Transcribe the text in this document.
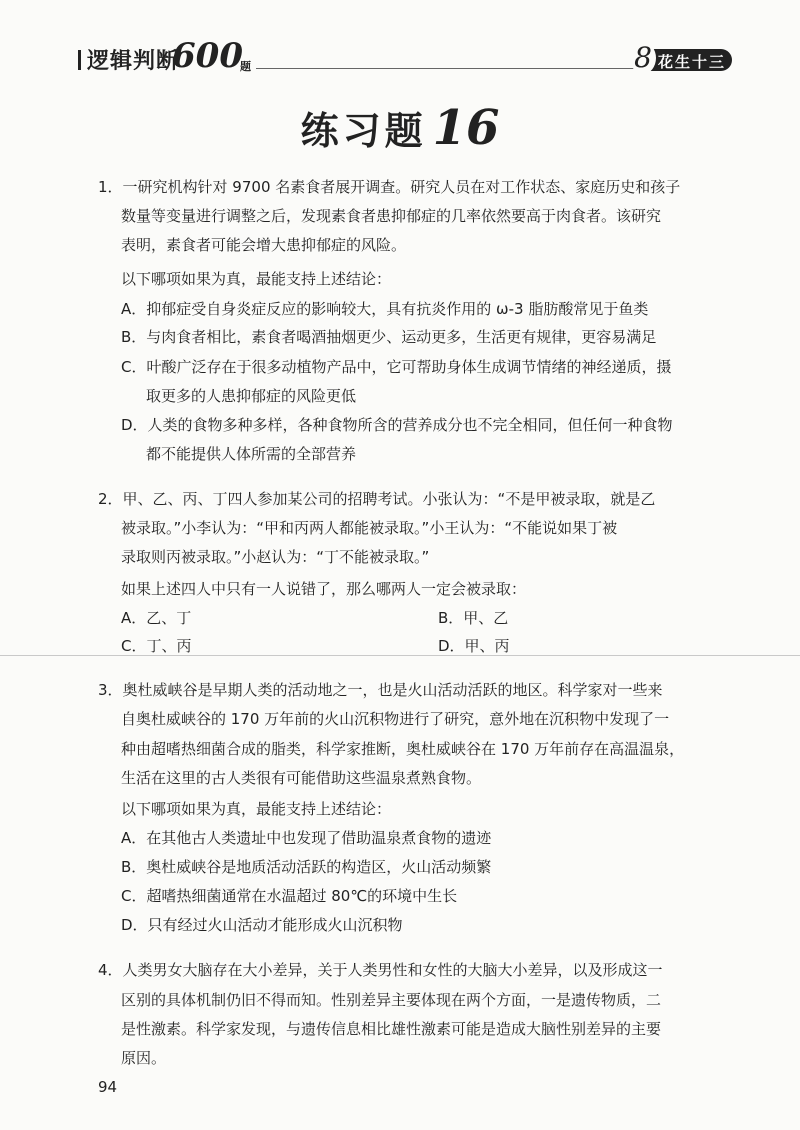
逻辑判断
600
题	8 花生十三
练习题 16
1．一研究机构针对 9700 名素食者展开调查。研究人员在对工作状态、家庭历史和孩子
数量等变量进行调整之后，发现素食者患抑郁症的几率依然要高于肉食者。该研究
表明，素食者可能会增大患抑郁症的风险。
以下哪项如果为真，最能支持上述结论：
A．抑郁症受自身炎症反应的影响较大，具有抗炎作用的 ω-3 脂肪酸常见于鱼类
B．与肉食者相比，素食者喝酒抽烟更少、运动更多，生活更有规律，更容易满足
C．叶酸广泛存在于很多动植物产品中，它可帮助身体生成调节情绪的神经递质，摄
取更多的人患抑郁症的风险更低
D．人类的食物多种多样，各种食物所含的营养成分也不完全相同，但任何一种食物
都不能提供人体所需的全部营养
2．甲、乙、丙、丁四人参加某公司的招聘考试。小张认为：“不是甲被录取，就是乙
被录取。”小李认为：“甲和丙两人都能被录取。”小王认为：“不能说如果丁被
录取则丙被录取。”小赵认为：“丁不能被录取。”
如果上述四人中只有一人说错了，那么哪两人一定会被录取：
A．乙、丁	B．甲、乙
C．丁、丙	D．甲、丙
3．奥杜威峡谷是早期人类的活动地之一，也是火山活动活跃的地区。科学家对一些来
自奥杜威峡谷的 170 万年前的火山沉积物进行了研究，意外地在沉积物中发现了一
种由超嗜热细菌合成的脂类，科学家推断，奥杜威峡谷在 170 万年前存在高温温泉，
生活在这里的古人类很有可能借助这些温泉煮熟食物。
以下哪项如果为真，最能支持上述结论：
A．在其他古人类遗址中也发现了借助温泉煮食物的遗迹
B．奥杜威峡谷是地质活动活跃的构造区，火山活动频繁
C．超嗜热细菌通常在水温超过 80℃的环境中生长
D．只有经过火山活动才能形成火山沉积物
4．人类男女大脑存在大小差异，关于人类男性和女性的大脑大小差异，以及形成这一
区别的具体机制仍旧不得而知。性别差异主要体现在两个方面，一是遗传物质，二
是性激素。科学家发现，与遗传信息相比雄性激素可能是造成大脑性别差异的主要
原因。
94
